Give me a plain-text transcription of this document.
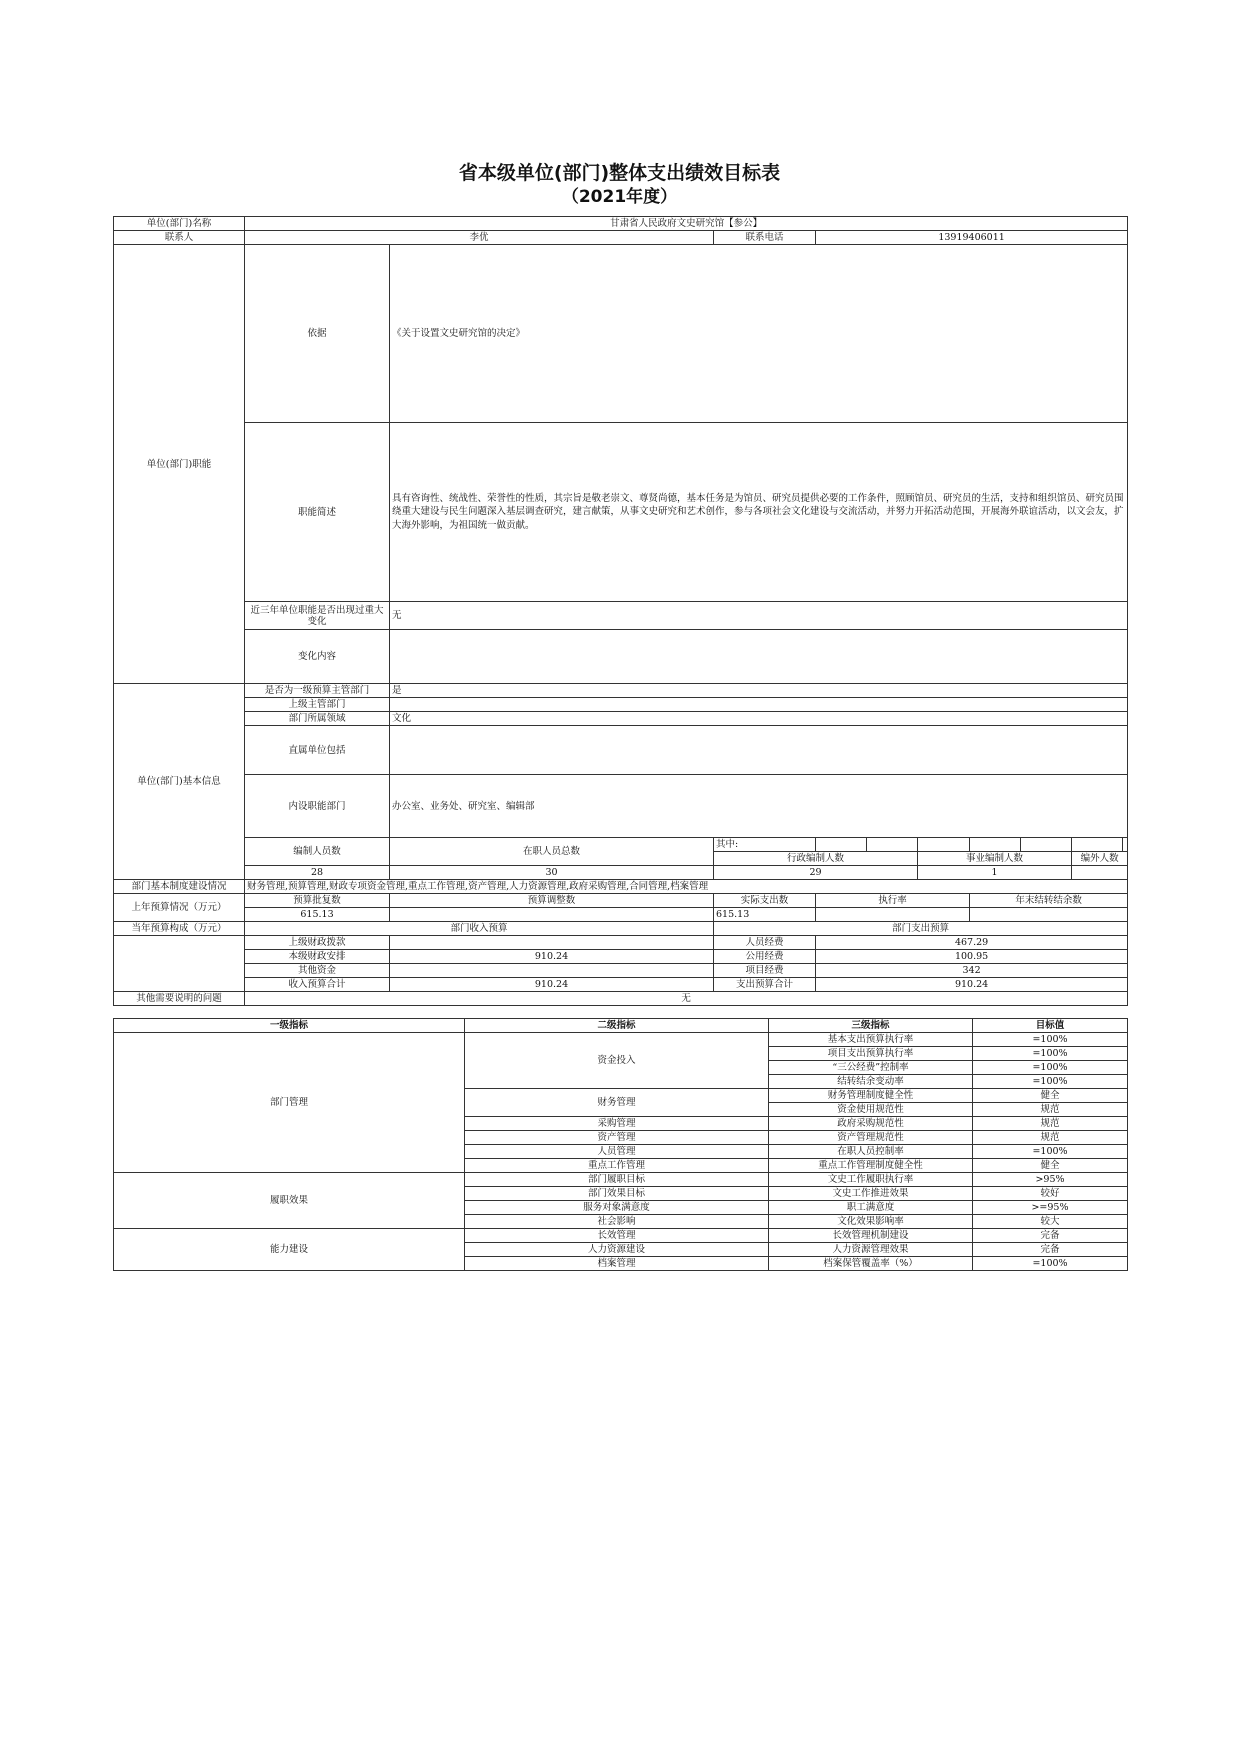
省本级单位(部门)整体支出绩效目标表
（2021年度）
单位(部门)名称	甘肃省人民政府文史研究馆【参公】									
联系人	李优		联系电话	13919406011						
单位(部门)职能	依据	《关于设置文史研究馆的决定》								
	职能简述	具有咨询性、统战性、荣誉性的性质，其宗旨是敬老崇文、尊贤尚德，基本任务是为馆员、研究员提供必要的工作条件，照顾馆员、研究员的生活，支持和组织馆员、研究员围绕重大建设与民生问题深入基层调查研究，建言献策，从事文史研究和艺术创作，参与各项社会文化建设与交流活动，并努力开拓活动范围，开展海外联谊活动，以文会友，扩大海外影响，为祖国统一做贡献。								
	近三年单位职能是否出现过重大变化	无								
	变化内容									
单位(部门)基本信息	是否为一级预算主管部门	是								
	上级主管部门									
	部门所属领域	文化								
	直属单位包括									
	内设职能部门	办公室、业务处、研究室、编辑部								
	编制人员数	在职人员总数	其中:							
			行政编制人数			事业编制人数			编外人数	
	28	30	29			1				
部门基本制度建设情况	财务管理,预算管理,财政专项资金管理,重点工作管理,资产管理,人力资源管理,政府采购管理,合同管理,档案管理									
上年预算情况（万元）	预算批复数	预算调整数	实际支出数	执行率			年末结转结余数			
	615.13		615.13							
当年预算构成（万元）	部门收入预算		部门支出预算							
	上级财政拨款		人员经费	467.29						
	本级财政安排	910.24	公用经费	100.95						
	其他资金		项目经费	342						
	收入预算合计	910.24	支出预算合计	910.24						
其他需要说明的问题	无									
一级指标	二级指标	三级指标	目标值
部门管理	资金投入	基本支出预算执行率	=100%
		项目支出预算执行率	=100%
		“三公经费”控制率	=100%
		结转结余变动率	=100%
	财务管理	财务管理制度健全性	健全
		资金使用规范性	规范
	采购管理	政府采购规范性	规范
	资产管理	资产管理规范性	规范
	人员管理	在职人员控制率	=100%
	重点工作管理	重点工作管理制度健全性	健全
履职效果	部门履职目标	文史工作履职执行率	>95%
	部门效果目标	文史工作推进效果	较好
	服务对象满意度	职工满意度	>=95%
	社会影响	文化效果影响率	较大
能力建设	长效管理	长效管理机制建设	完备
	人力资源建设	人力资源管理效果	完备
	档案管理	档案保管覆盖率（%）	=100%
